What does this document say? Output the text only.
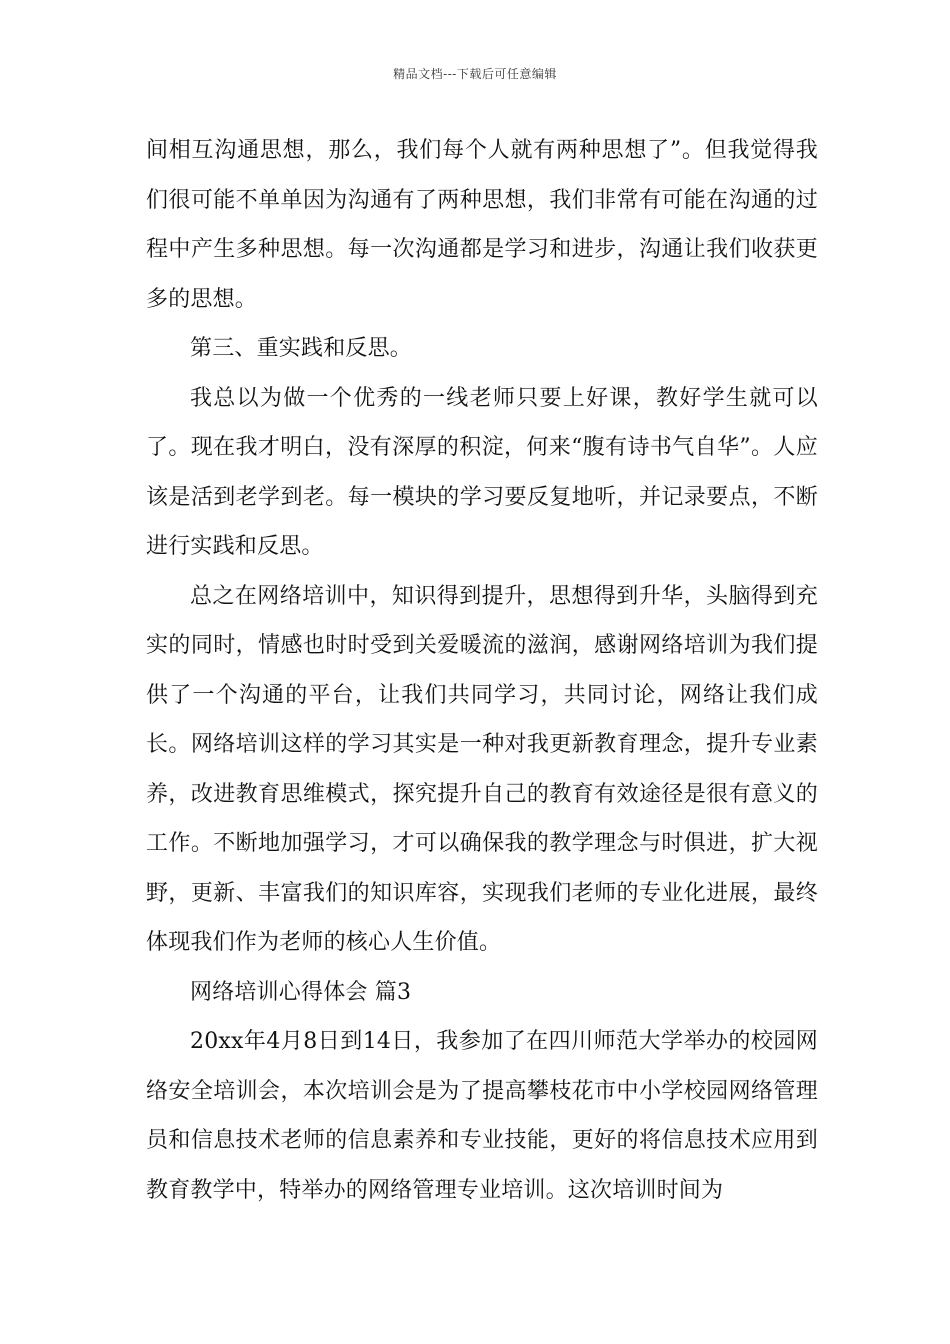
精品文档---下载后可任意编辑

间相互沟通思想，那么，我们每个人就有两种思想了”。但我觉得我们很可能不单单因为沟通有了两种思想，我们非常有可能在沟通的过程中产生多种思想。每一次沟通都是学习和进步，沟通让我们收获更多的思想。

第三、重实践和反思。

我总以为做一个优秀的一线老师只要上好课，教好学生就可以了。现在我才明白，没有深厚的积淀，何来“腹有诗书气自华”。人应该是活到老学到老。每一模块的学习要反复地听，并记录要点，不断进行实践和反思。

总之在网络培训中，知识得到提升，思想得到升华，头脑得到充实的同时，情感也时时受到关爱暖流的滋润，感谢网络培训为我们提供了一个沟通的平台，让我们共同学习，共同讨论，网络让我们成长。网络培训这样的学习其实是一种对我更新教育理念，提升专业素养，改进教育思维模式，探究提升自己的教育有效途径是很有意义的工作。不断地加强学习，才可以确保我的教学理念与时俱进，扩大视野，更新、丰富我们的知识库容，实现我们老师的专业化进展，最终体现我们作为老师的核心人生价值。

网络培训心得体会 篇3

20xx年4月8日到14日，我参加了在四川师范大学举办的校园网络安全培训会，本次培训会是为了提高攀枝花市中小学校园网络管理员和信息技术老师的信息素养和专业技能，更好的将信息技术应用到教育教学中，特举办的网络管理专业培训。这次培训时间为
